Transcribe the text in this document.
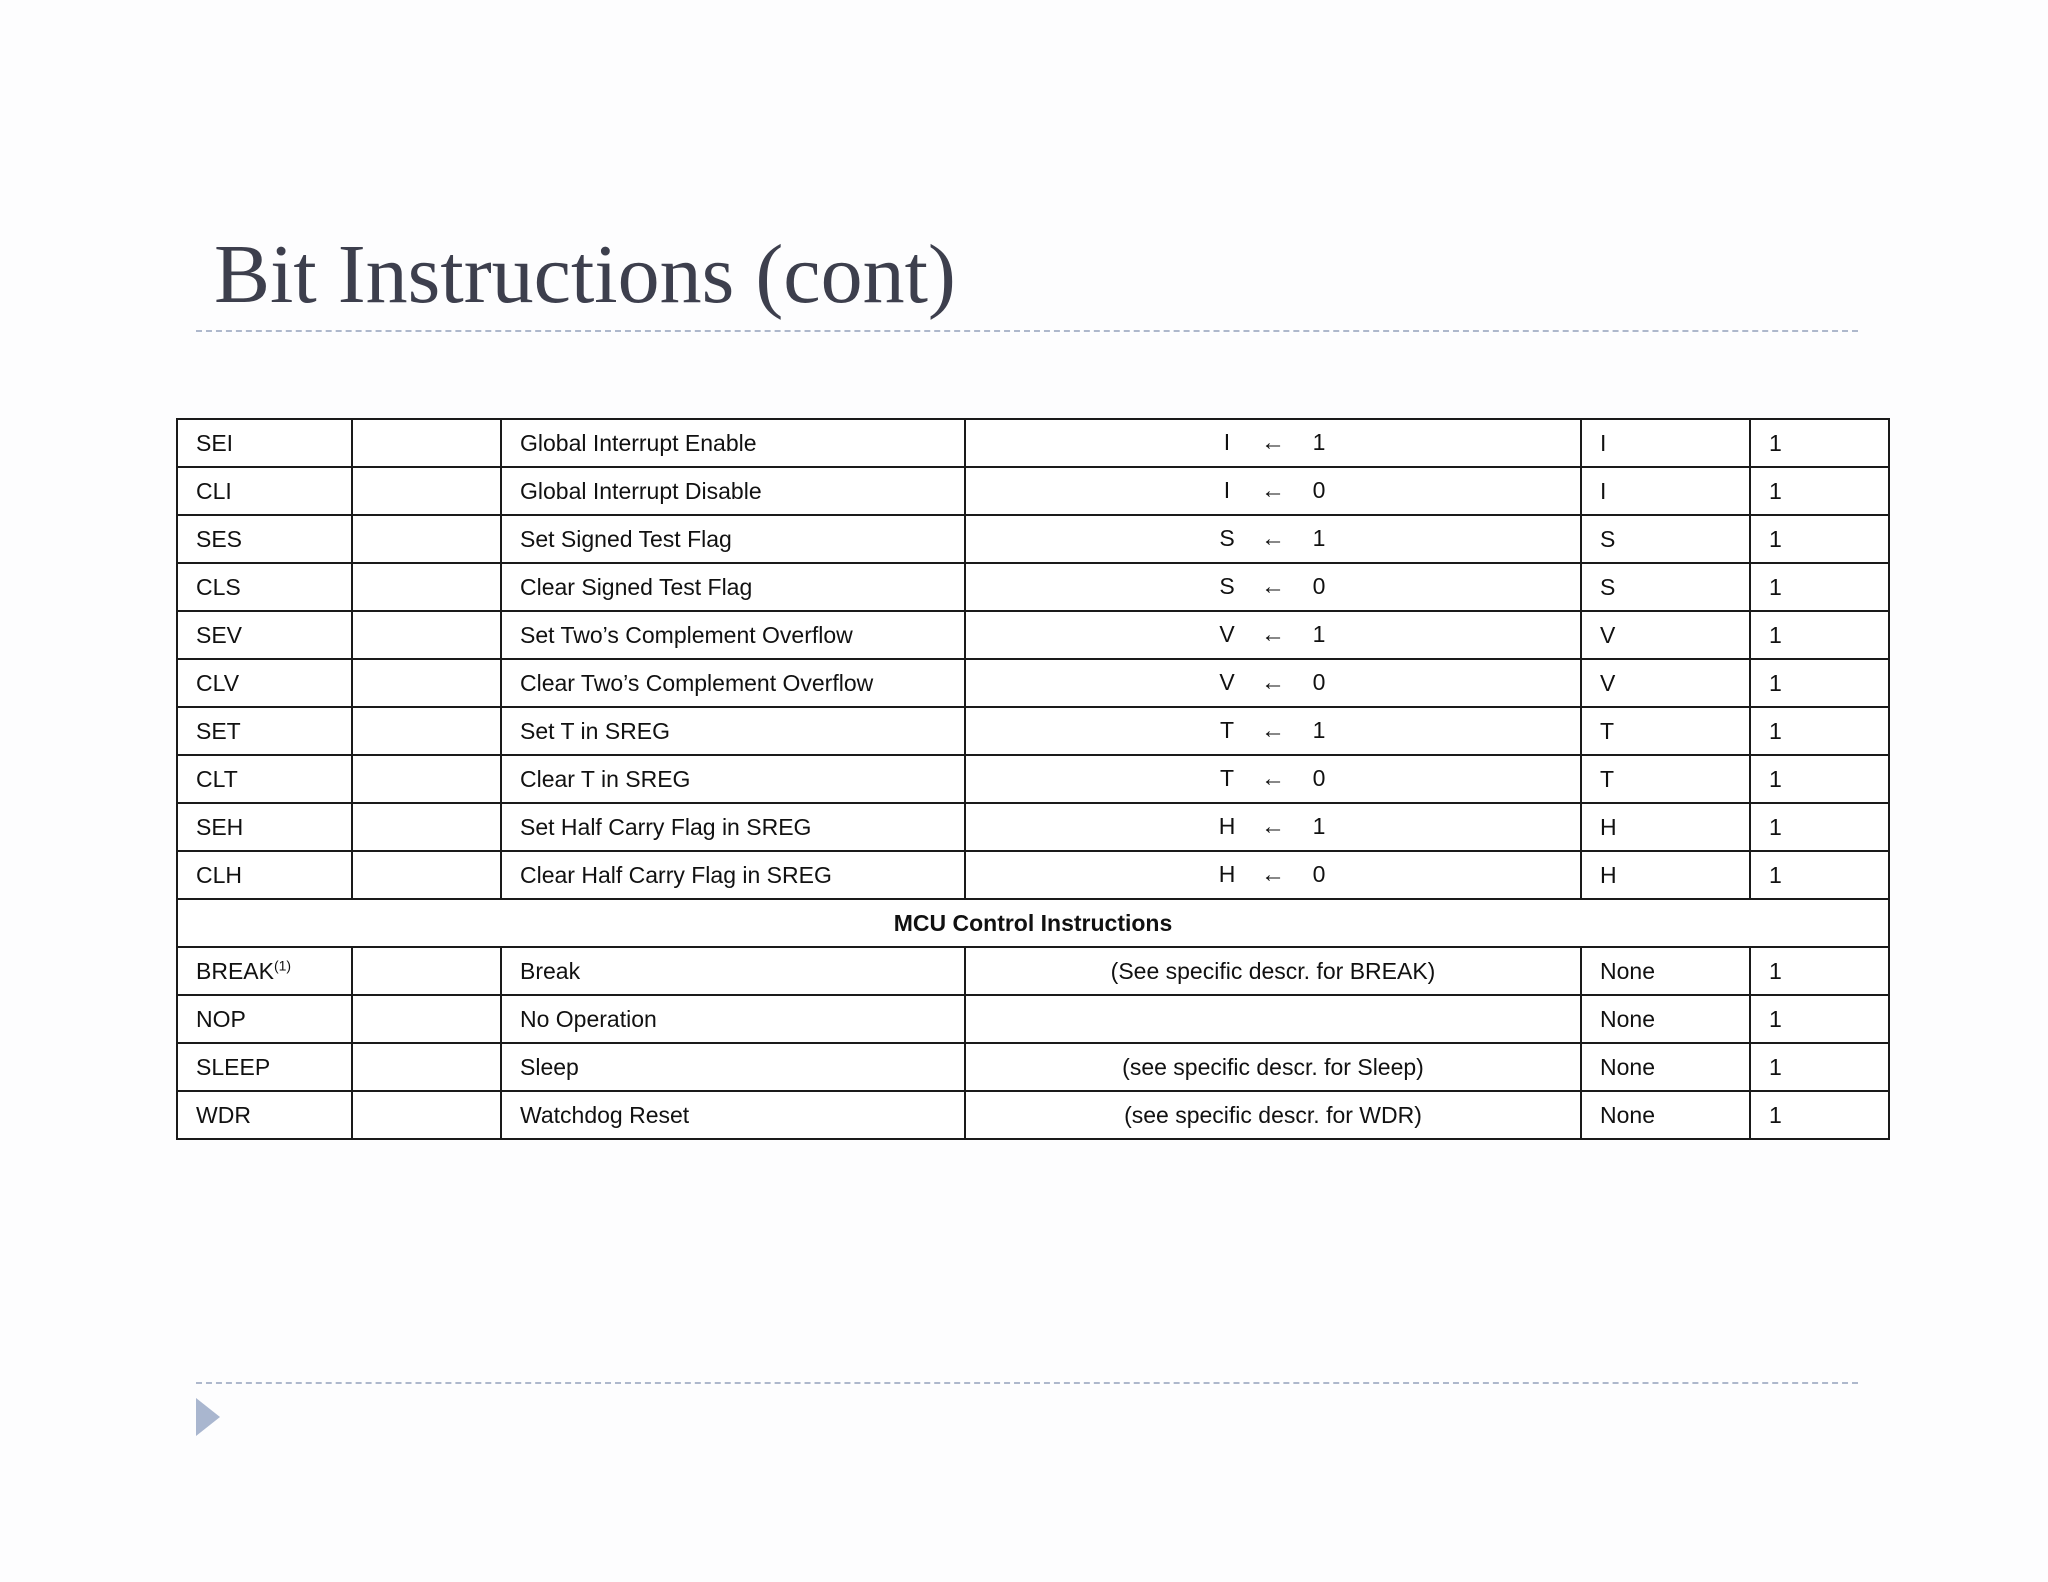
Bit Instructions (cont)
SEI		Global Interrupt Enable	I ← 1	I	1
CLI		Global Interrupt Disable	I ← 0	I	1
SES		Set Signed Test Flag	S ← 1	S	1
CLS		Clear Signed Test Flag	S ← 0	S	1
SEV		Set Two’s Complement Overflow	V ← 1	V	1
CLV		Clear Two’s Complement Overflow	V ← 0	V	1
SET		Set T in SREG	T ← 1	T	1
CLT		Clear T in SREG	T ← 0	T	1
SEH		Set Half Carry Flag in SREG	H ← 1	H	1
CLH		Clear Half Carry Flag in SREG	H ← 0	H	1
MCU Control Instructions					
BREAK$^{(1)}$		Break	(See specific descr. for BREAK)	None	1
NOP		No Operation		None	1
SLEEP		Sleep	(see specific descr. for Sleep)	None	1
WDR		Watchdog Reset	(see specific descr. for WDR)	None	1
